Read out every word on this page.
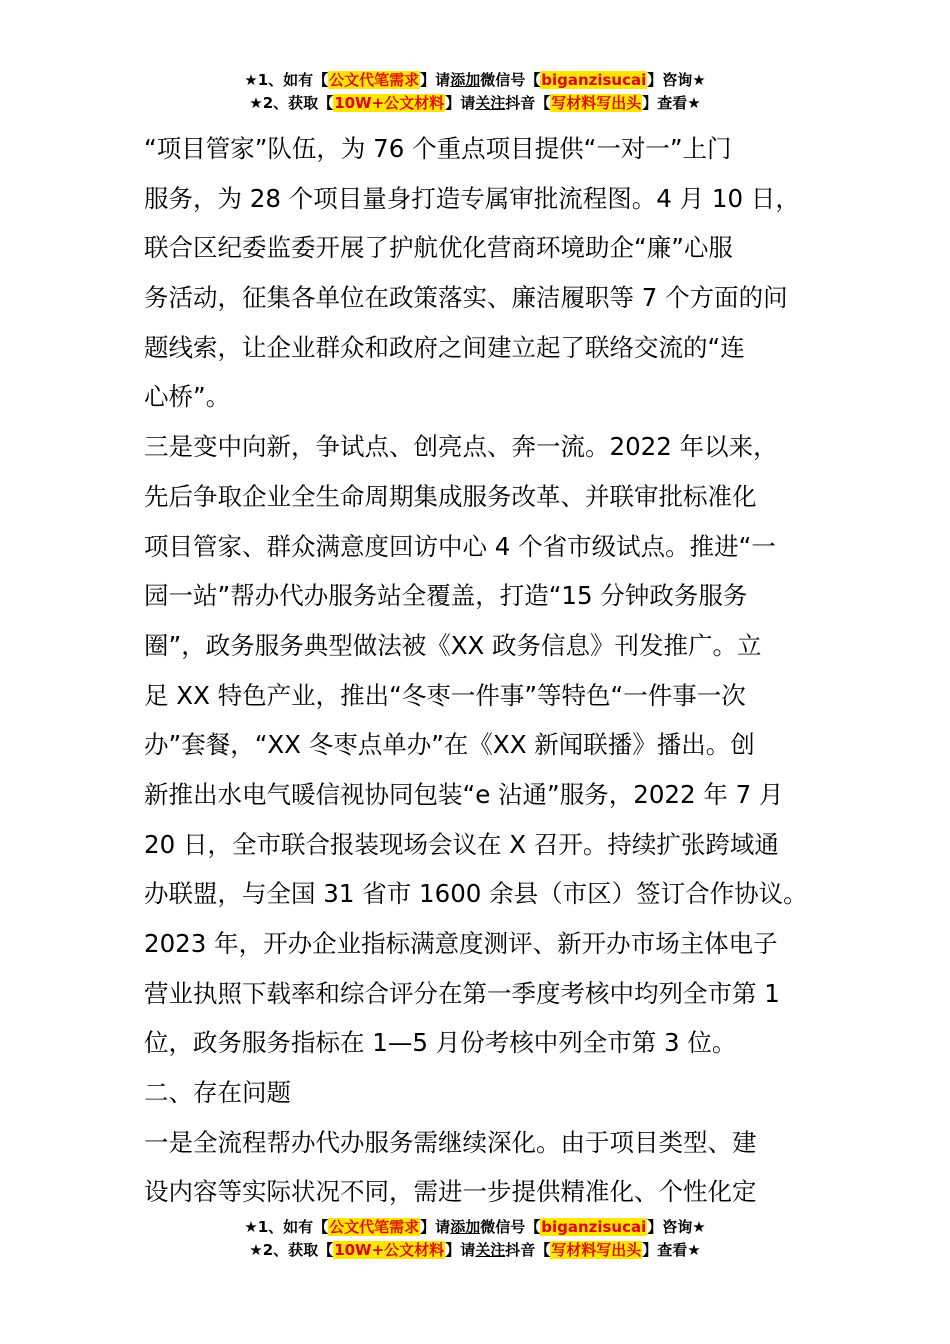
★1、如有【公文代笔需求】请添加微信号【biganzisucai】咨询★
★2、获取【10W+公文材料】请关注抖音【写材料写出头】查看★
“项目管家”队伍，为 76 个重点项目提供“一对一”上门
服务，为 28 个项目量身打造专属审批流程图。4 月 10 日，
联合区纪委监委开展了护航优化营商环境助企“廉”心服
务活动，征集各单位在政策落实、廉洁履职等 7 个方面的问
题线索，让企业群众和政府之间建立起了联络交流的“连
心桥”。
三是变中向新，争试点、创亮点、奔一流。2022 年以来，
先后争取企业全生命周期集成服务改革、并联审批标准化
项目管家、群众满意度回访中心 4 个省市级试点。推进“一
园一站”帮办代办服务站全覆盖，打造“15 分钟政务服务
圈”，政务服务典型做法被《XX 政务信息》刊发推广。立
足 XX 特色产业，推出“冬枣一件事”等特色“一件事一次
办”套餐，“XX 冬枣点单办”在《XX 新闻联播》播出。创
新推出水电气暖信视协同包装“e 沾通”服务，2022 年 7 月
20 日，全市联合报装现场会议在 X 召开。持续扩张跨域通
办联盟，与全国 31 省市 1600 余县（市区）签订合作协议。
2023 年，开办企业指标满意度测评、新开办市场主体电子
营业执照下载率和综合评分在第一季度考核中均列全市第 1
位，政务服务指标在 1—5 月份考核中列全市第 3 位。
二、存在问题
一是全流程帮办代办服务需继续深化。由于项目类型、建
设内容等实际状况不同，需进一步提供精准化、个性化定
★1、如有【公文代笔需求】请添加微信号【biganzisucai】咨询★
★2、获取【10W+公文材料】请关注抖音【写材料写出头】查看★
